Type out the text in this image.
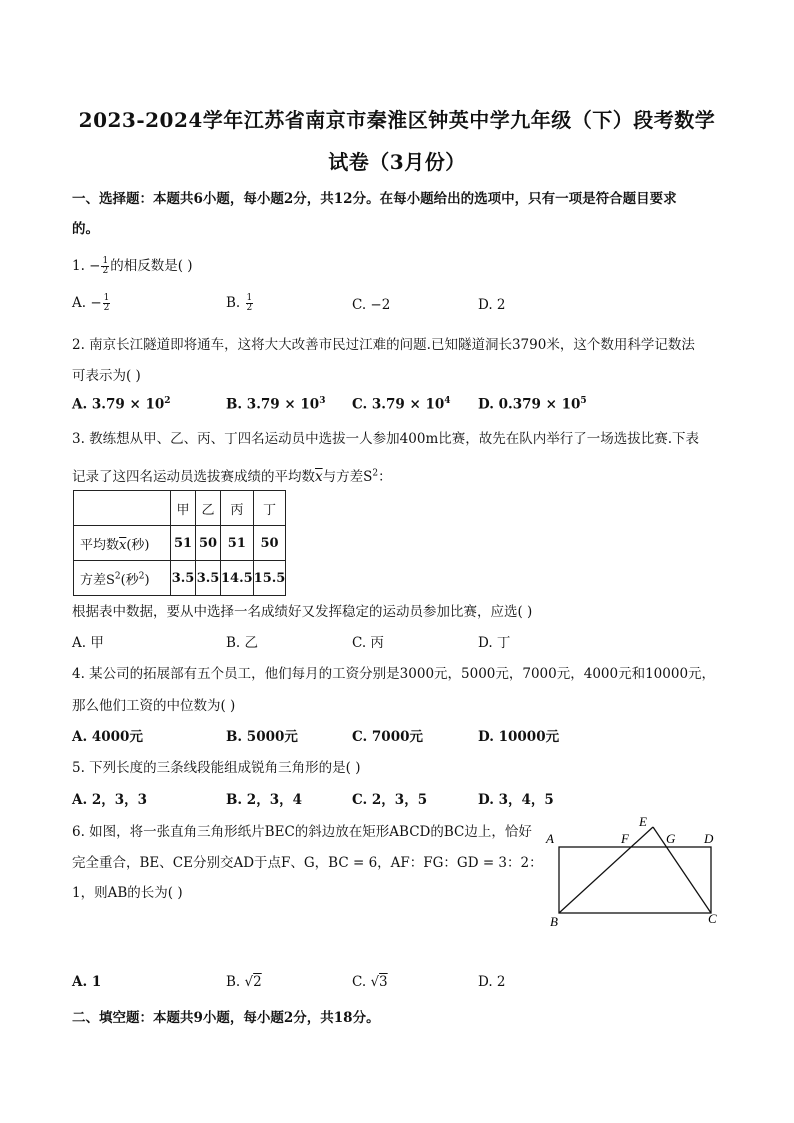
2023-2024学年江苏省南京市秦淮区钟英中学九年级（下）段考数学
试卷（3月份）
一、选择题：本题共6小题，每小题2分，共12分。在每小题给出的选项中，只有一项是符合题目要求
的。
1. − $\frac{1}{2}$ 的相反数是( )
A. − $\frac{1}{2}$	B. $\frac{1}{2}$	C. −2	D. 2
2. 南京长江隧道即将通车，这将大大改善市民过江难的问题.已知隧道洞长3790米，这个数用科学记数法
可表示为( )
A. $3.79 \times 10^2$	B. $3.79 \times 10^3$ C. $3.79 \times 10^4$ D. $0.379 \times 10^5$
3. 教练想从甲、乙、丙、丁四名运动员中选拔一人参加400m比赛，故先在队内举行了一场选拔比赛.下表
记录了这四名运动员选拔赛成绩的平均数$\overline{x}$与方差$S^2$：
	甲	乙	丙	丁
平均数$\overline{x}$(秒)	51	50	51	50
方差$S^2$(秒$^2$)	3.5	3.5	14.5	15.5
根据表中数据，要从中选择一名成绩好又发挥稳定的运动员参加比赛，应选( )
A. 甲	B. 乙	C. 丙	D. 丁
4. 某公司的拓展部有五个员工，他们每月的工资分别是3000元，5000元，7000元，4000元和10000元，
那么他们工资的中位数为( )
A. 4000元	B. 5000元	C. 7000元	D. 10000元
5. 下列长度的三条线段能组成锐角三角形的是( )
A. 2，3，3	B. 2，3，4	C. 2，3，5	D. 3，4，5
6. 如图，将一张直角三角形纸片BEC的斜边放在矩形ABCD的BC边上，恰好
完全重合，BE、CE分别交AD于点F、G，BC = 6，AF：FG：GD = 3：2：
1，则AB的长为( )
A
B	C
D
E
F	G
A. 1	B. √2	C. √3	D. 2
二、填空题：本题共9小题，每小题2分，共18分。
